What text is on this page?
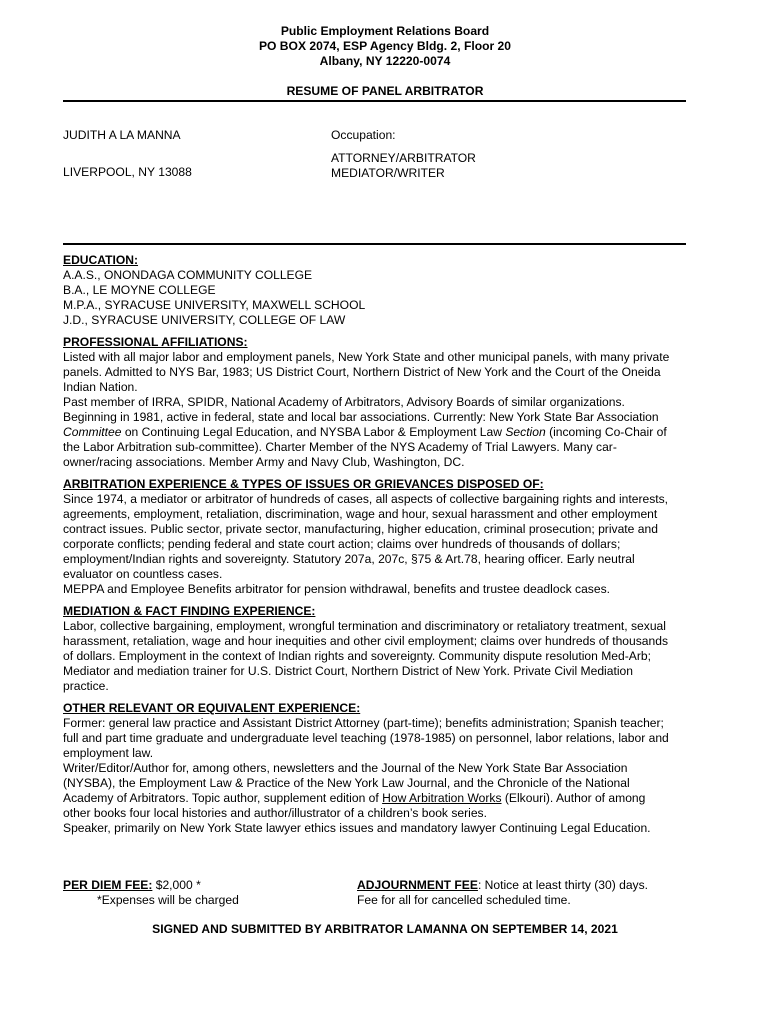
Public Employment Relations Board
PO BOX 2074, ESP Agency Bldg. 2, Floor 20
Albany, NY 12220-0074
RESUME OF PANEL ARBITRATOR
JUDITH A LA MANNA
LIVERPOOL, NY 13088
Occupation:
ATTORNEY/ARBITRATOR
MEDIATOR/WRITER
EDUCATION:
A.A.S., ONONDAGA COMMUNITY COLLEGE
B.A., LE MOYNE COLLEGE
M.P.A., SYRACUSE UNIVERSITY, MAXWELL SCHOOL
J.D., SYRACUSE UNIVERSITY, COLLEGE OF LAW
PROFESSIONAL AFFILIATIONS:
Listed with all major labor and employment panels, New York State and other municipal panels, with many private
panels. Admitted to NYS Bar, 1983; US District Court, Northern District of New York and the Court of the Oneida
Indian Nation.
Past member of IRRA, SPIDR, National Academy of Arbitrators, Advisory Boards of similar organizations.
Beginning in 1981, active in federal, state and local bar associations. Currently: New York State Bar Association
Committee on Continuing Legal Education, and NYSBA Labor & Employment Law Section (incoming Co-Chair of
the Labor Arbitration sub-committee). Charter Member of the NYS Academy of Trial Lawyers. Many car-
owner/racing associations. Member Army and Navy Club, Washington, DC.
ARBITRATION EXPERIENCE & TYPES OF ISSUES OR GRIEVANCES DISPOSED OF:
Since 1974, a mediator or arbitrator of hundreds of cases, all aspects of collective bargaining rights and interests,
agreements, employment, retaliation, discrimination, wage and hour, sexual harassment and other employment
contract issues. Public sector, private sector, manufacturing, higher education, criminal prosecution; private and
corporate conflicts; pending federal and state court action; claims over hundreds of thousands of dollars;
employment/Indian rights and sovereignty. Statutory 207a, 207c, §75 & Art.78, hearing officer. Early neutral
evaluator on countless cases.
MEPPA and Employee Benefits arbitrator for pension withdrawal, benefits and trustee deadlock cases.
MEDIATION & FACT FINDING EXPERIENCE:
Labor, collective bargaining, employment, wrongful termination and discriminatory or retaliatory treatment, sexual
harassment, retaliation, wage and hour inequities and other civil employment; claims over hundreds of thousands
of dollars. Employment in the context of Indian rights and sovereignty. Community dispute resolution Med-Arb;
Mediator and mediation trainer for U.S. District Court, Northern District of New York. Private Civil Mediation
practice.
OTHER RELEVANT OR EQUIVALENT EXPERIENCE:
Former: general law practice and Assistant District Attorney (part-time); benefits administration; Spanish teacher;
full and part time graduate and undergraduate level teaching (1978-1985) on personnel, labor relations, labor and
employment law.
Writer/Editor/Author for, among others, newsletters and the Journal of the New York State Bar Association
(NYSBA), the Employment Law & Practice of the New York Law Journal, and the Chronicle of the National
Academy of Arbitrators. Topic author, supplement edition of How Arbitration Works (Elkouri). Author of among
other books four local histories and author/illustrator of a children’s book series.
Speaker, primarily on New York State lawyer ethics issues and mandatory lawyer Continuing Legal Education.
PER DIEM FEE: $2,000 *
*Expenses will be charged
ADJOURNMENT FEE: Notice at least thirty (30) days.
Fee for all for cancelled scheduled time.
SIGNED AND SUBMITTED BY ARBITRATOR LAMANNA ON SEPTEMBER 14, 2021
